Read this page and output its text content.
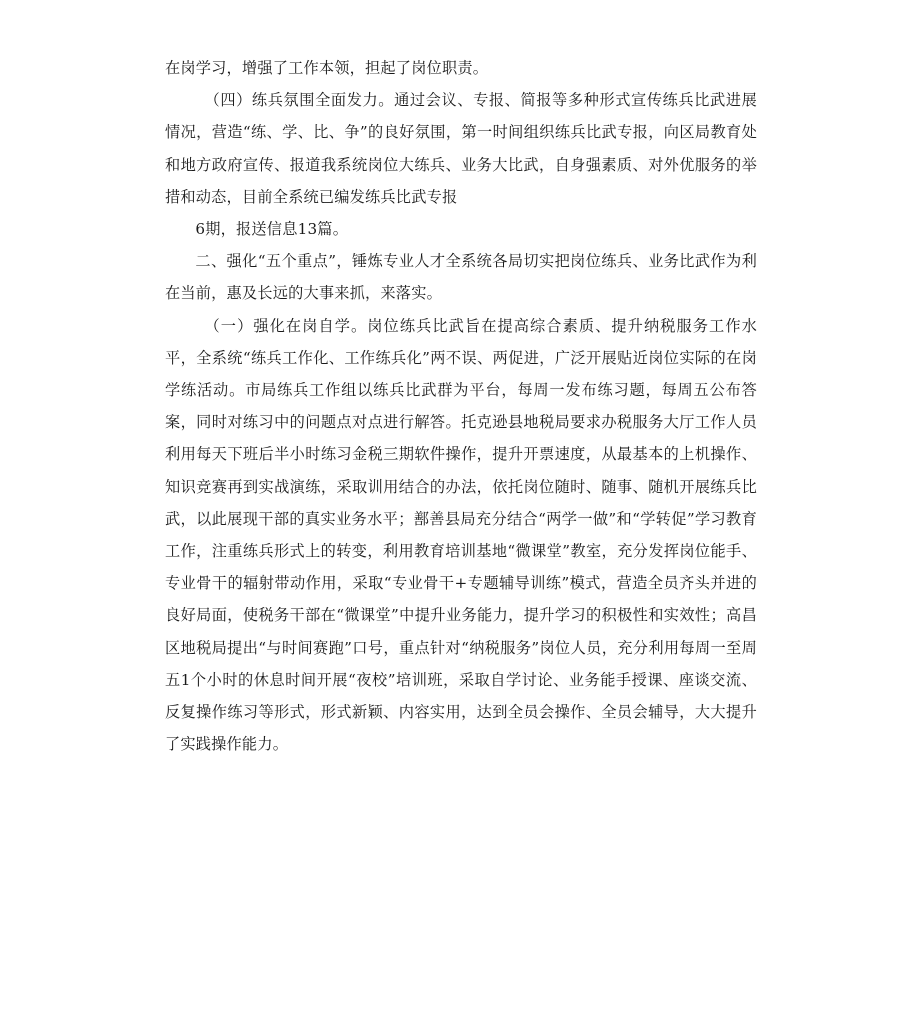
在岗学习，增强了工作本领，担起了岗位职责。

（四）练兵氛围全面发力。通过会议、专报、简报等多种形式宣传练兵比武进展情况，营造“练、学、比、争”的良好氛围，第一时间组织练兵比武专报，向区局教育处和地方政府宣传、报道我系统岗位大练兵、业务大比武，自身强素质、对外优服务的举措和动态，目前全系统已编发练兵比武专报

6期，报送信息13篇。

二、强化“五个重点”，锤炼专业人才全系统各局切实把岗位练兵、业务比武作为利在当前，惠及长远的大事来抓，来落实。

（一）强化在岗自学。岗位练兵比武旨在提高综合素质、提升纳税服务工作水平，全系统“练兵工作化、工作练兵化”两不误、两促进，广泛开展贴近岗位实际的在岗学练活动。市局练兵工作组以练兵比武群为平台，每周一发布练习题，每周五公布答案，同时对练习中的问题点对点进行解答。托克逊县地税局要求办税服务大厅工作人员利用每天下班后半小时练习金税三期软件操作，提升开票速度，从最基本的上机操作、知识竞赛再到实战演练，采取训用结合的办法，依托岗位随时、随事、随机开展练兵比武，以此展现干部的真实业务水平；鄯善县局充分结合“两学一做”和“学转促”学习教育工作，注重练兵形式上的转变，利用教育培训基地“微课堂”教室，充分发挥岗位能手、专业骨干的辐射带动作用，采取“专业骨干+专题辅导训练”模式，营造全员齐头并进的良好局面，使税务干部在“微课堂”中提升业务能力，提升学习的积极性和实效性；高昌区地税局提出“与时间赛跑”口号，重点针对“纳税服务”岗位人员，充分利用每周一至周五1个小时的休息时间开展“夜校”培训班，采取自学讨论、业务能手授课、座谈交流、反复操作练习等形式，形式新颖、内容实用，达到全员会操作、全员会辅导，大大提升了实践操作能力。
